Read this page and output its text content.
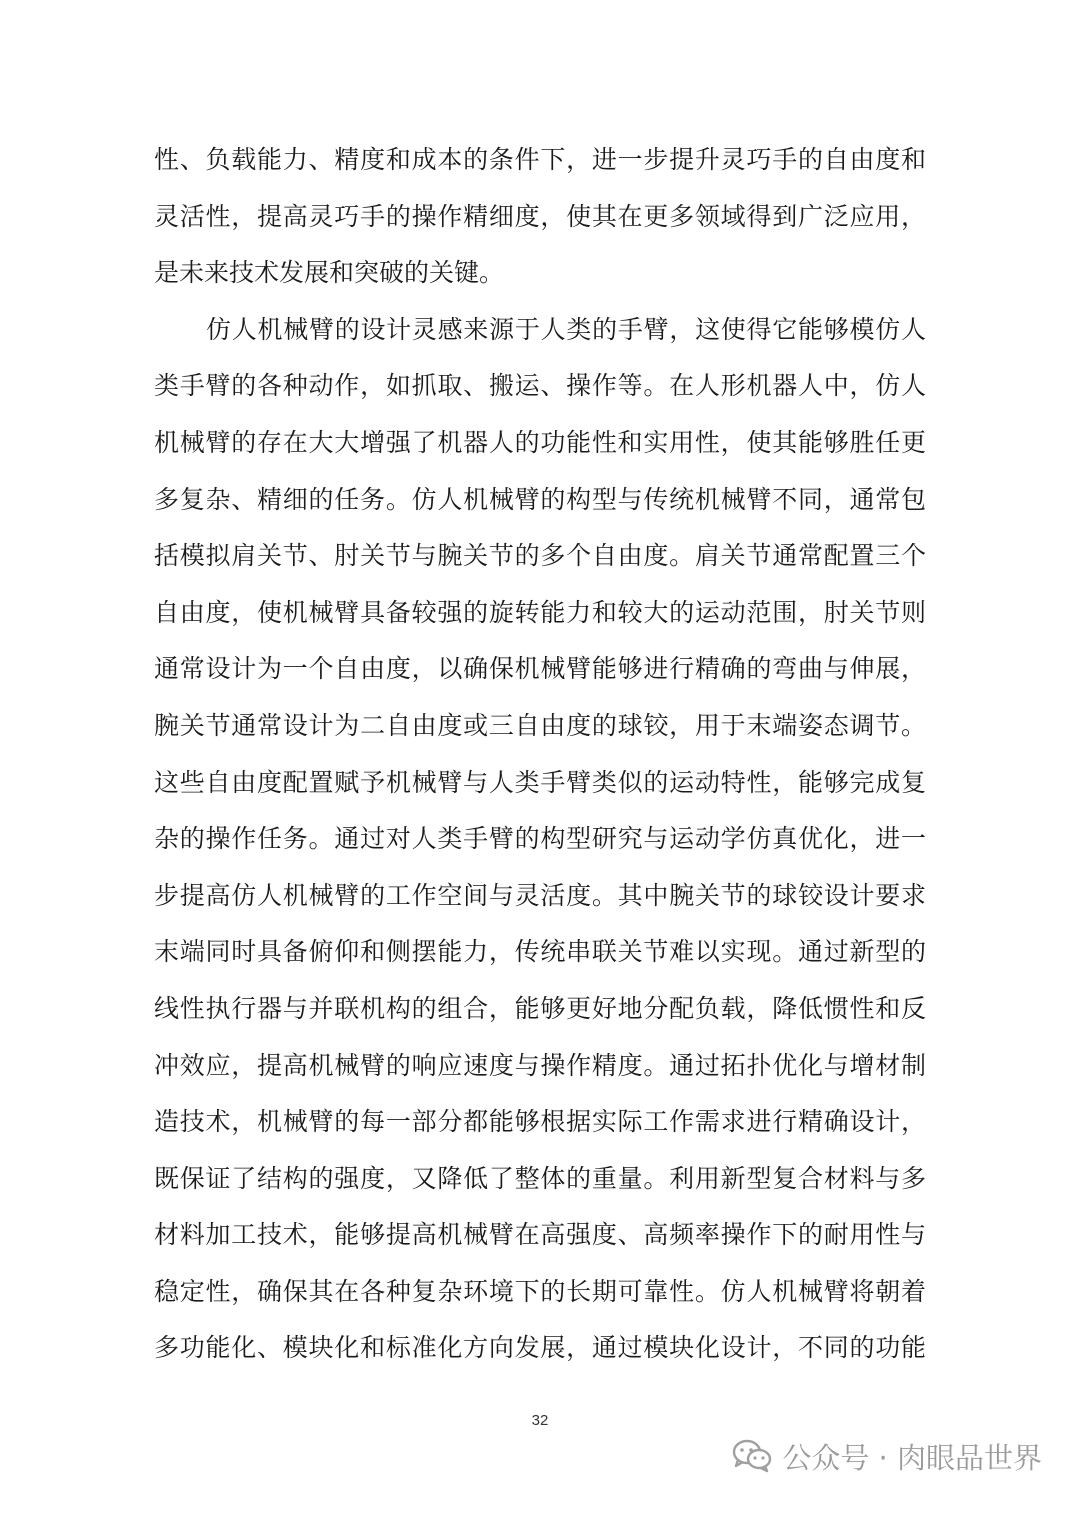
性、负载能力、精度和成本的条件下，进一步提升灵巧手的自由度和
灵活性，提高灵巧手的操作精细度，使其在更多领域得到广泛应用，
是未来技术发展和突破的关键。
仿人机械臂的设计灵感来源于人类的手臂，这使得它能够模仿人
类手臂的各种动作，如抓取、搬运、操作等。在人形机器人中，仿人
机械臂的存在大大增强了机器人的功能性和实用性，使其能够胜任更
多复杂、精细的任务。仿人机械臂的构型与传统机械臂不同，通常包
括模拟肩关节、肘关节与腕关节的多个自由度。肩关节通常配置三个
自由度，使机械臂具备较强的旋转能力和较大的运动范围，肘关节则
通常设计为一个自由度，以确保机械臂能够进行精确的弯曲与伸展，
腕关节通常设计为二自由度或三自由度的球铰，用于末端姿态调节。
这些自由度配置赋予机械臂与人类手臂类似的运动特性，能够完成复
杂的操作任务。通过对人类手臂的构型研究与运动学仿真优化，进一
步提高仿人机械臂的工作空间与灵活度。其中腕关节的球铰设计要求
末端同时具备俯仰和侧摆能力，传统串联关节难以实现。通过新型的
线性执行器与并联机构的组合，能够更好地分配负载，降低惯性和反
冲效应，提高机械臂的响应速度与操作精度。通过拓扑优化与增材制
造技术，机械臂的每一部分都能够根据实际工作需求进行精确设计，
既保证了结构的强度，又降低了整体的重量。利用新型复合材料与多
材料加工技术，能够提高机械臂在高强度、高频率操作下的耐用性与
稳定性，确保其在各种复杂环境下的长期可靠性。仿人机械臂将朝着
多功能化、模块化和标准化方向发展，通过模块化设计，不同的功能
32
公众号 · 肉眼品世界
